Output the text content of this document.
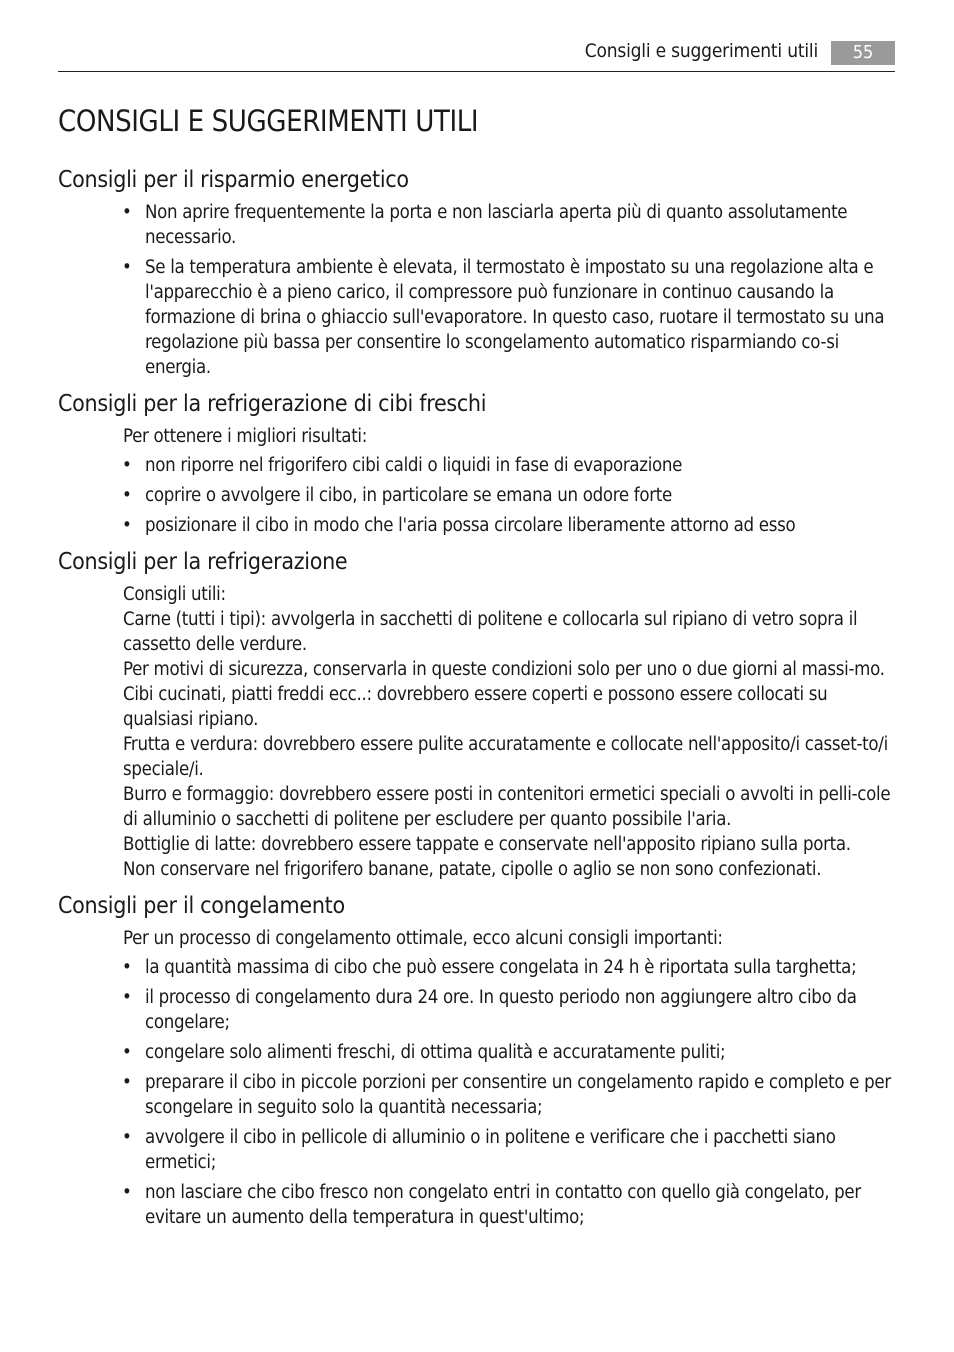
Consigli e suggerimenti utili	55
CONSIGLI E SUGGERIMENTI UTILI
Consigli per il risparmio energetico
• Non aprire frequentemente la porta e non lasciarla aperta più di quanto assolutamente necessario.
• Se la temperatura ambiente è elevata, il termostato è impostato su una regolazione alta e l'apparecchio è a pieno carico, il compressore può funzionare in continuo causando la formazione di brina o ghiaccio sull'evaporatore. In questo caso, ruotare il termostato su una regolazione più bassa per consentire lo scongelamento automatico risparmiando co-si energia.
Consigli per la refrigerazione di cibi freschi

Per ottenere i migliori risultati:

• non riporre nel frigorifero cibi caldi o liquidi in fase di evaporazione
• coprire o avvolgere il cibo, in particolare se emana un odore forte
• posizionare il cibo in modo che l'aria possa circolare liberamente attorno ad esso
Consigli per la refrigerazione

Consigli utili:

Carne (tutti i tipi): avvolgerla in sacchetti di politene e collocarla sul ripiano di vetro sopra il cassetto delle verdure.

Per motivi di sicurezza, conservarla in queste condizioni solo per uno o due giorni al massi-mo.

Cibi cucinati, piatti freddi ecc..: dovrebbero essere coperti e possono essere collocati su qualsiasi ripiano.

Frutta e verdura: dovrebbero essere pulite accuratamente e collocate nell'apposito/i casset-to/i speciale/i.

Burro e formaggio: dovrebbero essere posti in contenitori ermetici speciali o avvolti in pelli-cole di alluminio o sacchetti di politene per escludere per quanto possibile l'aria.

Bottiglie di latte: dovrebbero essere tappate e conservate nell'apposito ripiano sulla porta.

Non conservare nel frigorifero banane, patate, cipolle o aglio se non sono confezionati.

Consigli per il congelamento

Per un processo di congelamento ottimale, ecco alcuni consigli importanti:

• la quantità massima di cibo che può essere congelata in 24 h è riportata sulla targhetta;
• il processo di congelamento dura 24 ore. In questo periodo non aggiungere altro cibo da congelare;
• congelare solo alimenti freschi, di ottima qualità e accuratamente puliti;
• preparare il cibo in piccole porzioni per consentire un congelamento rapido e completo e per scongelare in seguito solo la quantità necessaria;
• avvolgere il cibo in pellicole di alluminio o in politene e verificare che i pacchetti siano ermetici;
• non lasciare che cibo fresco non congelato entri in contatto con quello già congelato, per evitare un aumento della temperatura in quest'ultimo;
